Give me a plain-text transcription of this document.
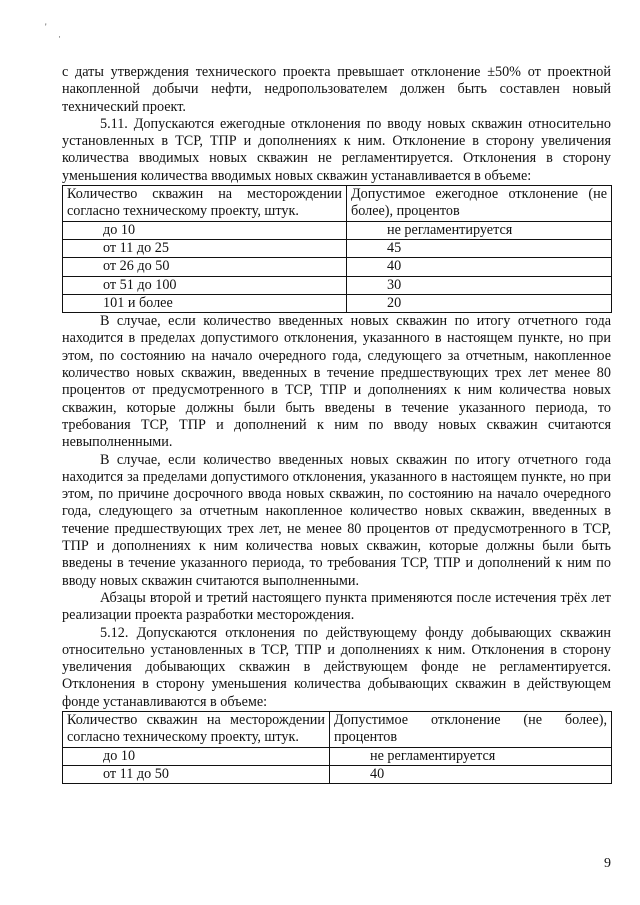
'
·

с даты утверждения технического проекта превышает отклонение ±50% от проектной накопленной добычи нефти, недропользователем должен быть составлен новый технический проект.

5.11. Допускаются ежегодные отклонения по вводу новых скважин относительно установленных в ТСР, ТПР и дополнениях к ним. Отклонение в сторону увеличения количества вводимых новых скважин не регламентируется. Отклонения в сторону уменьшения количества вводимых новых скважин устанавливается в объеме:

Количество скважин на месторождении согласно техническому проекту, штук.	Допустимое ежегодное отклонение (не более), процентов
до 10	не регламентируется
от 11 до 25	45
от 26 до 50	40
от 51 до 100	30
101 и более	20

В случае, если количество введенных новых скважин по итогу отчетного года находится в пределах допустимого отклонения, указанного в настоящем пункте, но при этом, по состоянию на начало очередного года, следующего за отчетным, накопленное количество новых скважин, введенных в течение предшествующих трех лет менее 80 процентов от предусмотренного в ТСР, ТПР и дополнениях к ним количества новых скважин, которые должны были быть введены в течение указанного периода, то требования ТСР, ТПР и дополнений к ним по вводу новых скважин считаются невыполненными.

В случае, если количество введенных новых скважин по итогу отчетного года находится за пределами допустимого отклонения, указанного в настоящем пункте, но при этом, по причине досрочного ввода новых скважин, по состоянию на начало очередного года, следующего за отчетным накопленное количество новых скважин, введенных в течение предшествующих трех лет, не менее 80 процентов от предусмотренного в ТСР, ТПР и дополнениях к ним количества новых скважин, которые должны были быть введены в течение указанного периода, то требования ТСР, ТПР и дополнений к ним по вводу новых скважин считаются выполненными.

Абзацы второй и третий настоящего пункта применяются после истечения трёх лет реализации проекта разработки месторождения.

5.12. Допускаются отклонения по действующему фонду добывающих скважин относительно установленных в ТСР, ТПР и дополнениях к ним. Отклонения в сторону увеличения добывающих скважин в действующем фонде не регламентируется. Отклонения в сторону уменьшения количества добывающих скважин в действующем фонде устанавливаются в объеме:

Количество скважин на месторождении согласно техническому проекту, штук.	Допустимое отклонение (не более), процентов
до 10	не регламентируется
от 11 до 50	40
9
